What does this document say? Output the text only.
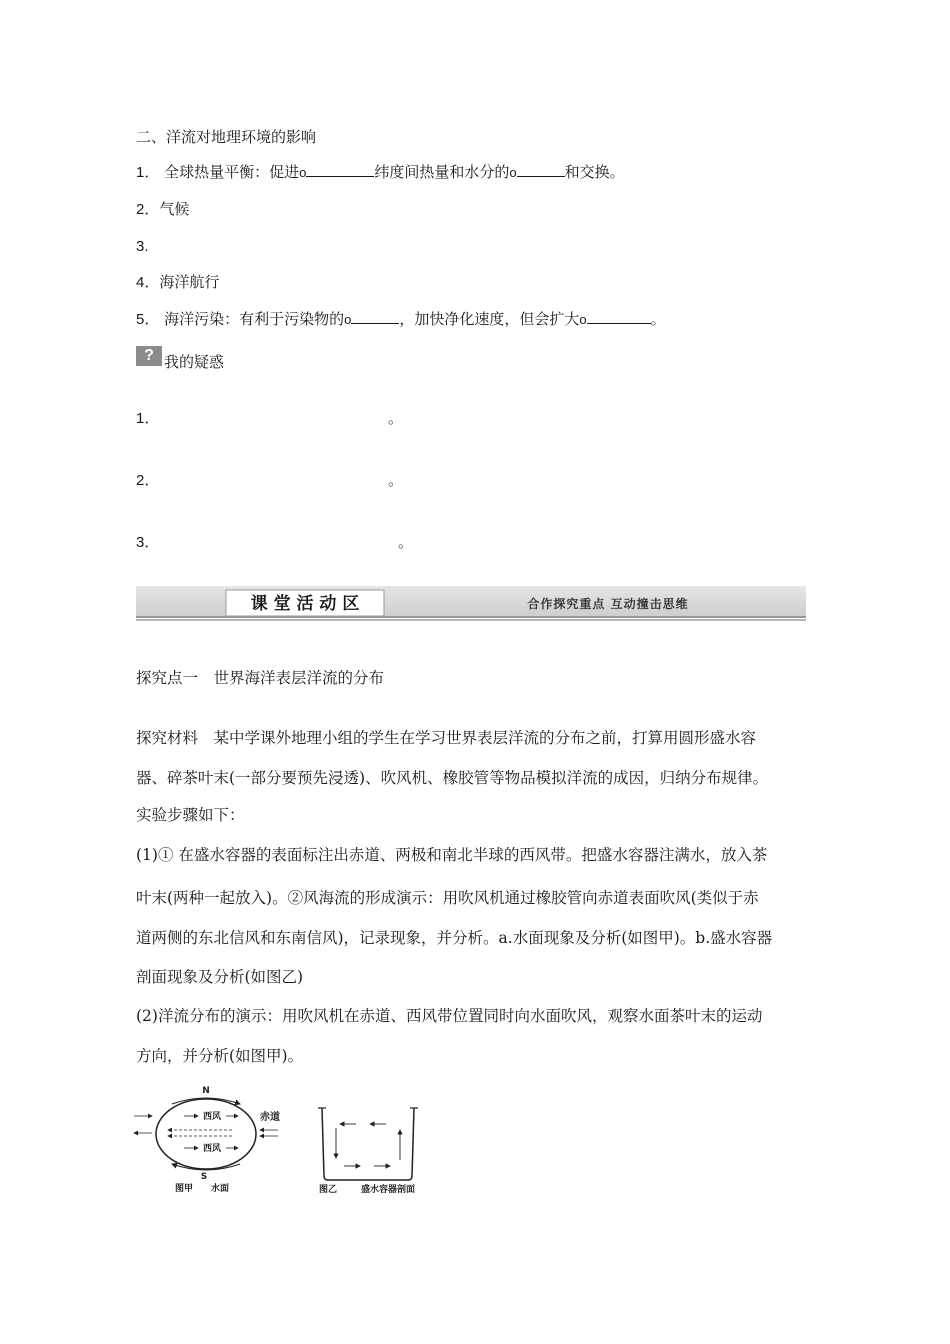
二、洋流对地理环境的影响
1． 全球热量平衡：促进o	纬度间热量和水分的o	和交换。
2．气候
3.
4．海洋航行
5． 海洋污染：有利于污染物的o	，加快净化速度，但会扩大o	。
? 我的疑惑
1．	。
2．	。
3．	。
课 堂 活 动 区	合作探究重点 互动撞击思维
探究点一　世界海洋表层洋流的分布

探究材料　某中学课外地理小组的学生在学习世界表层洋流的分布之前，打算用圆形盛水容

器、碎茶叶末(一部分要预先浸透)、吹风机、橡胶管等物品模拟洋流的成因，归纳分布规律。

实验步骤如下：

(1)① 在盛水容器的表面标注出赤道、两极和南北半球的西风带。把盛水容器注满水，放入茶

叶末(两种一起放入)。②风海流的形成演示：用吹风机通过橡胶管向赤道表面吹风(类似于赤

道两侧的东北信风和东南信风)，记录现象，并分析。a.水面现象及分析(如图甲)。b.盛水容器

剖面现象及分析(如图乙)

(2)洋流分布的演示：用吹风机在赤道、西风带位置同时向水面吹风，观察水面茶叶末的运动

方向，并分析(如图甲)。

N
西风
西风
赤道
S
图甲 水面	图乙	盛水容器剖面
